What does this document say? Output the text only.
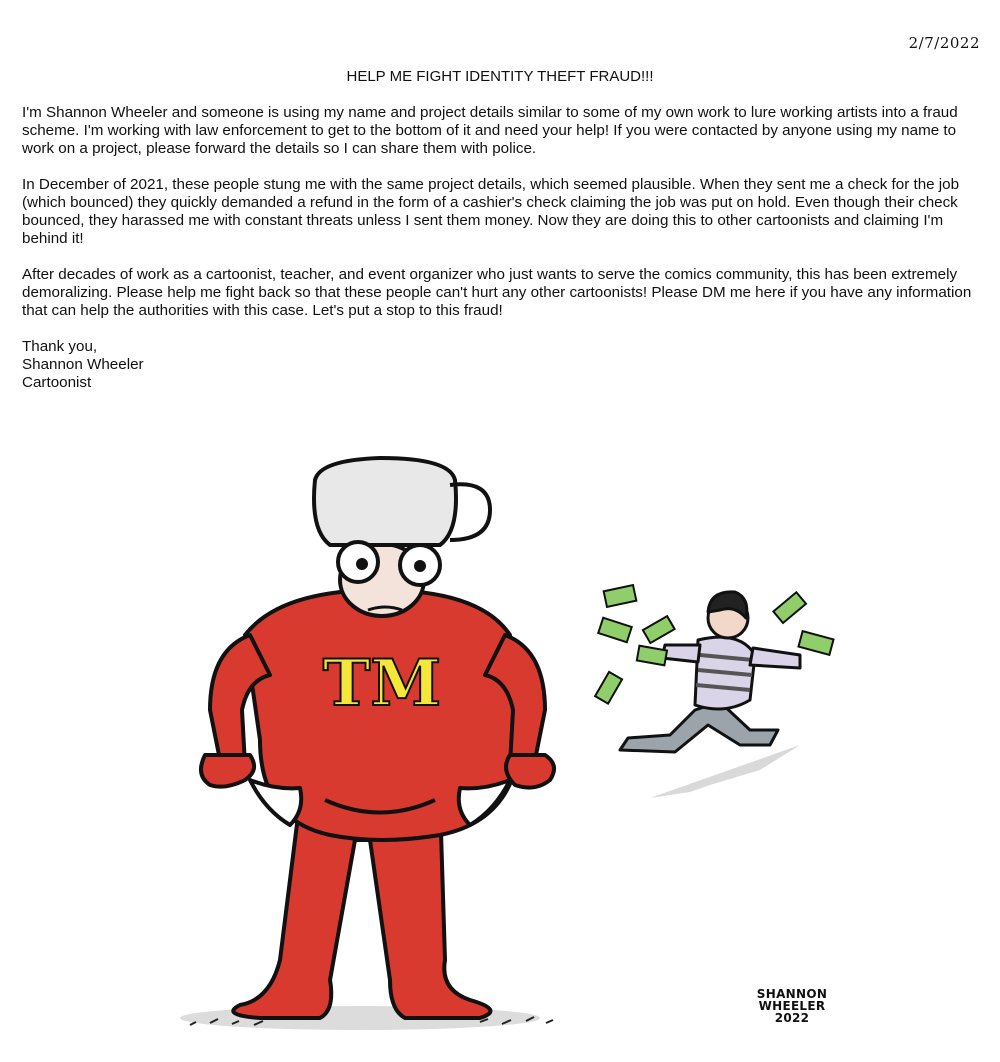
2/7/2022
HELP ME FIGHT IDENTITY THEFT FRAUD!!!

I'm Shannon Wheeler and someone is using my name and project details similar to some of my own work to lure working artists into a fraud scheme. I'm working with law enforcement to get to the bottom of it and need your help! If you were contacted by anyone using my name to work on a project, please forward the details so I can share them with police.

In December of 2021, these people stung me with the same project details, which seemed plausible. When they sent me a check for the job (which bounced) they quickly demanded a refund in the form of a cashier's check claiming the job was put on hold. Even though their check bounced, they harassed me with constant threats unless I sent them money. Now they are doing this to other cartoonists and claiming I'm behind it!

After decades of work as a cartoonist, teacher, and event organizer who just wants to serve the comics community, this has been extremely demoralizing. Please help me fight back so that these people can't hurt any other cartoonists! Please DM me here if you have any information that can help the authorities with this case. Let's put a stop to this fraud!

Thank you,
Shannon Wheeler
Cartoonist
TM
SHANNON
WHEELER
2022
